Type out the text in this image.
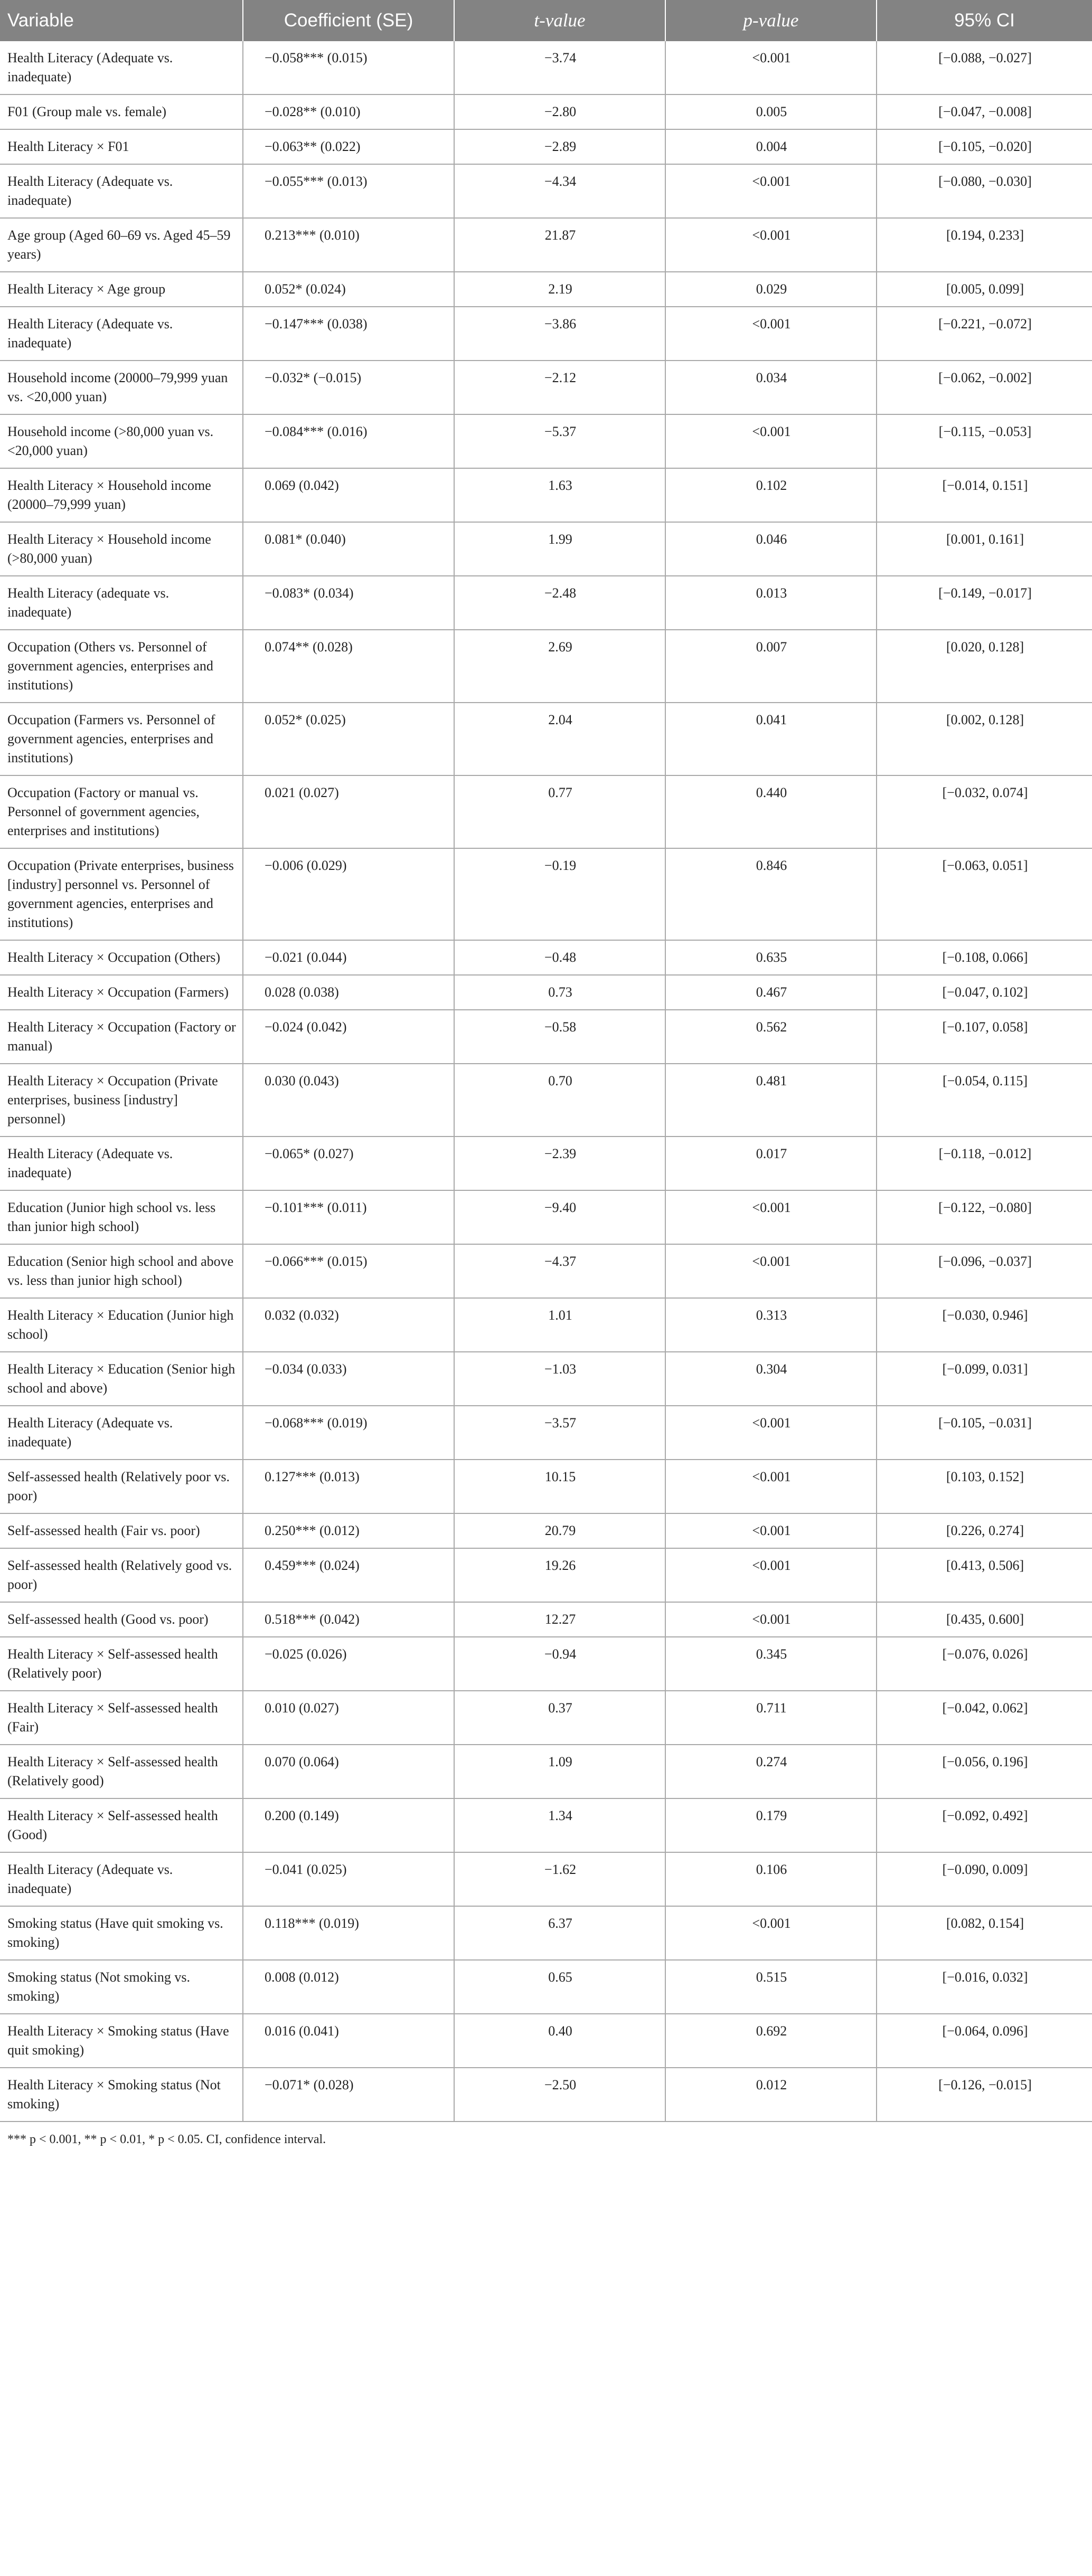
Variable	Coefficient (SE)	t-value	p-value	95% CI
Health Literacy (Adequate vs. inadequate)	−0.058*** (0.015)	−3.74	<0.001	[−0.088, −0.027]
F01 (Group male vs. female)	−0.028** (0.010)	−2.80	0.005	[−0.047, −0.008]
Health Literacy × F01	−0.063** (0.022)	−2.89	0.004	[−0.105, −0.020]
Health Literacy (Adequate vs. inadequate)	−0.055*** (0.013)	−4.34	<0.001	[−0.080, −0.030]
Age group (Aged 60–69 vs. Aged 45–59 years)	0.213*** (0.010)	21.87	<0.001	[0.194, 0.233]
Health Literacy × Age group	0.052* (0.024)	2.19	0.029	[0.005, 0.099]
Health Literacy (Adequate vs. inadequate)	−0.147*** (0.038)	−3.86	<0.001	[−0.221, −0.072]
Household income (20000–79,999 yuan vs. <20,000 yuan)	−0.032* (−0.015)	−2.12	0.034	[−0.062, −0.002]
Household income (>80,000 yuan vs. <20,000 yuan)	−0.084*** (0.016)	−5.37	<0.001	[−0.115, −0.053]
Health Literacy × Household income (20000–79,999 yuan)	0.069 (0.042)	1.63	0.102	[−0.014, 0.151]
Health Literacy × Household income (>80,000 yuan)	0.081* (0.040)	1.99	0.046	[0.001, 0.161]
Health Literacy (adequate vs. inadequate)	−0.083* (0.034)	−2.48	0.013	[−0.149, −0.017]
Occupation (Others vs. Personnel of government agencies, enterprises and institutions)	0.074** (0.028)	2.69	0.007	[0.020, 0.128]
Occupation (Farmers vs. Personnel of government agencies, enterprises and institutions)	0.052* (0.025)	2.04	0.041	[0.002, 0.128]
Occupation (Factory or manual vs. Personnel of government agencies, enterprises and institutions)	0.021 (0.027)	0.77	0.440	[−0.032, 0.074]
Occupation (Private enterprises, business [industry] personnel vs. Personnel of government agencies, enterprises and institutions)	−0.006 (0.029)	−0.19	0.846	[−0.063, 0.051]
Health Literacy × Occupation (Others)	−0.021 (0.044)	−0.48	0.635	[−0.108, 0.066]
Health Literacy × Occupation (Farmers)	0.028 (0.038)	0.73	0.467	[−0.047, 0.102]
Health Literacy × Occupation (Factory or manual)	−0.024 (0.042)	−0.58	0.562	[−0.107, 0.058]
Health Literacy × Occupation (Private enterprises, business [industry] personnel)	0.030 (0.043)	0.70	0.481	[−0.054, 0.115]
Health Literacy (Adequate vs. inadequate)	−0.065* (0.027)	−2.39	0.017	[−0.118, −0.012]
Education (Junior high school vs. less than junior high school)	−0.101*** (0.011)	−9.40	<0.001	[−0.122, −0.080]
Education (Senior high school and above vs. less than junior high school)	−0.066*** (0.015)	−4.37	<0.001	[−0.096, −0.037]
Health Literacy × Education (Junior high school)	0.032 (0.032)	1.01	0.313	[−0.030, 0.946]
Health Literacy × Education (Senior high school and above)	−0.034 (0.033)	−1.03	0.304	[−0.099, 0.031]
Health Literacy (Adequate vs. inadequate)	−0.068*** (0.019)	−3.57	<0.001	[−0.105, −0.031]
Self-assessed health (Relatively poor vs. poor)	0.127*** (0.013)	10.15	<0.001	[0.103, 0.152]
Self-assessed health (Fair vs. poor)	0.250*** (0.012)	20.79	<0.001	[0.226, 0.274]
Self-assessed health (Relatively good vs. poor)	0.459*** (0.024)	19.26	<0.001	[0.413, 0.506]
Self-assessed health (Good vs. poor)	0.518*** (0.042)	12.27	<0.001	[0.435, 0.600]
Health Literacy × Self-assessed health (Relatively poor)	−0.025 (0.026)	−0.94	0.345	[−0.076, 0.026]
Health Literacy × Self-assessed health (Fair)	0.010 (0.027)	0.37	0.711	[−0.042, 0.062]
Health Literacy × Self-assessed health (Relatively good)	0.070 (0.064)	1.09	0.274	[−0.056, 0.196]
Health Literacy × Self-assessed health (Good)	0.200 (0.149)	1.34	0.179	[−0.092, 0.492]
Health Literacy (Adequate vs. inadequate)	−0.041 (0.025)	−1.62	0.106	[−0.090, 0.009]
Smoking status (Have quit smoking vs. smoking)	0.118*** (0.019)	6.37	<0.001	[0.082, 0.154]
Smoking status (Not smoking vs. smoking)	0.008 (0.012)	0.65	0.515	[−0.016, 0.032]
Health Literacy × Smoking status (Have quit smoking)	0.016 (0.041)	0.40	0.692	[−0.064, 0.096]
Health Literacy × Smoking status (Not smoking)	−0.071* (0.028)	−2.50	0.012	[−0.126, −0.015]
*** p < 0.001, ** p < 0.01, * p < 0.05. CI, confidence interval.
